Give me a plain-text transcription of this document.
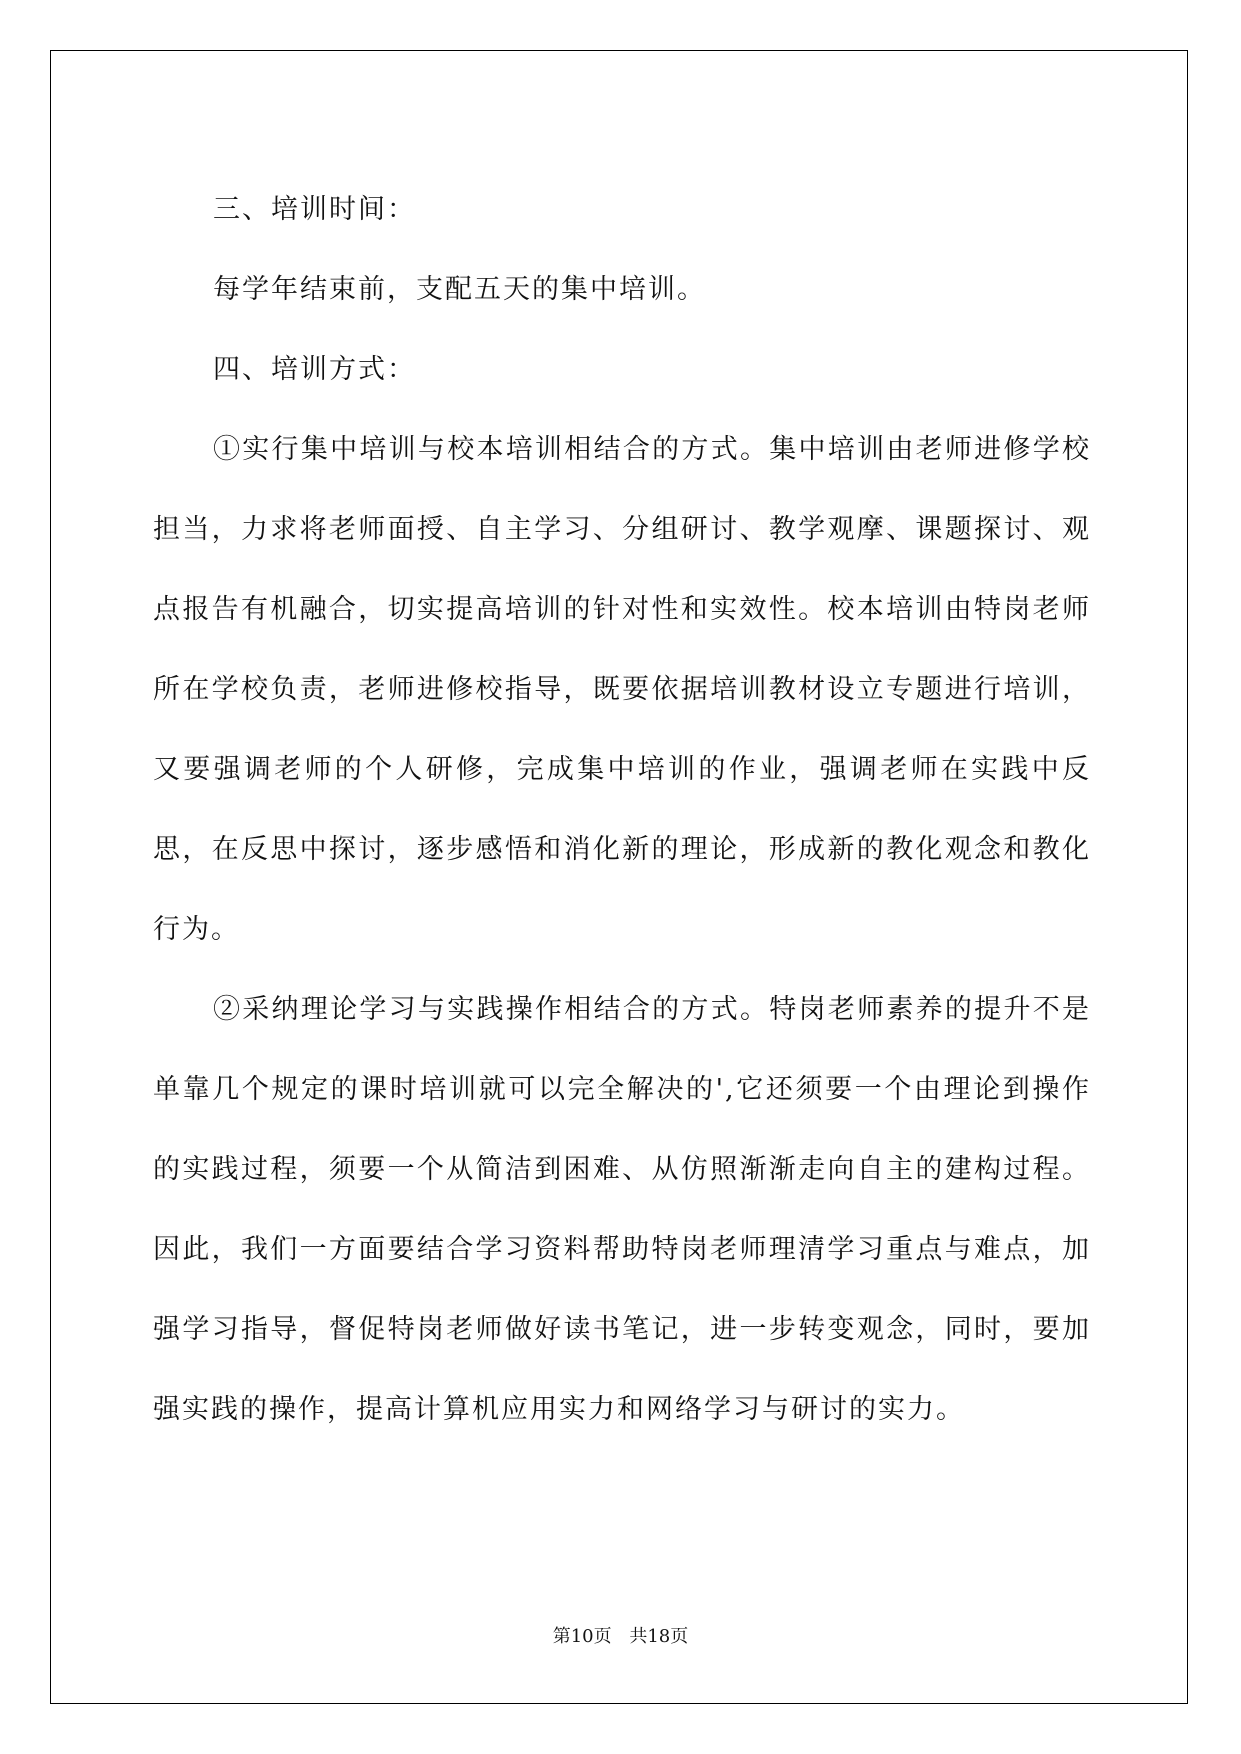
三、培训时间：

每学年结束前，支配五天的集中培训。

四、培训方式：

①实行集中培训与校本培训相结合的方式。集中培训由老师进修学校担当，力求将老师面授、自主学习、分组研讨、教学观摩、课题探讨、观点报告有机融合，切实提高培训的针对性和实效性。校本培训由特岗老师所在学校负责，老师进修校指导，既要依据培训教材设立专题进行培训，又要强调老师的个人研修，完成集中培训的作业，强调老师在实践中反思，在反思中探讨，逐步感悟和消化新的理论，形成新的教化观念和教化行为。

②采纳理论学习与实践操作相结合的方式。特岗老师素养的提升不是单靠几个规定的课时培训就可以完全解决的',它还须要一个由理论到操作的实践过程，须要一个从简洁到困难、从仿照渐渐走向自主的建构过程。因此，我们一方面要结合学习资料帮助特岗老师理清学习重点与难点，加强学习指导，督促特岗老师做好读书笔记，进一步转变观念，同时，要加强实践的操作，提高计算机应用实力和网络学习与研讨的实力。

第10页 共18页
